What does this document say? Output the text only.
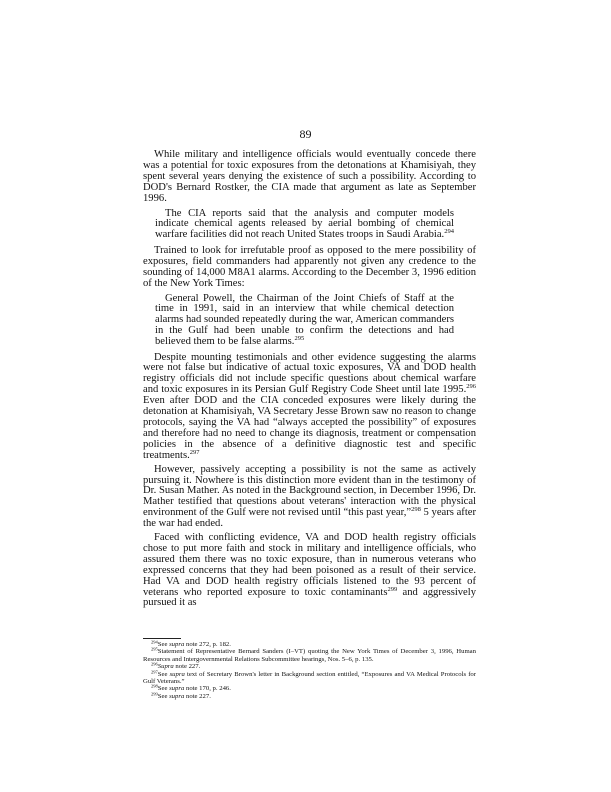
89

While military and intelligence officials would eventually concede there was a potential for toxic exposures from the detonations at Khamisiyah, they spent several years denying the existence of such a possibility. According to DOD's Bernard Rostker, the CIA made that argument as late as September 1996.

The CIA reports said that the analysis and computer models indicate chemical agents released by aerial bombing of chemical warfare facilities did not reach United States troops in Saudi Arabia.$^{294}$

Trained to look for irrefutable proof as opposed to the mere possibility of exposures, field commanders had apparently not given any credence to the sounding of 14,000 M8A1 alarms. According to the December 3, 1996 edition of the New York Times:

General Powell, the Chairman of the Joint Chiefs of Staff at the time in 1991, said in an interview that while chemical detection alarms had sounded repeatedly during the war, American commanders in the Gulf had been unable to confirm the detections and had believed them to be false alarms.$^{295}$

Despite mounting testimonials and other evidence suggesting the alarms were not false but indicative of actual toxic exposures, VA and DOD health registry officials did not include specific questions about chemical warfare and toxic exposures in its Persian Gulf Registry Code Sheet until late 1995.$^{296}$ Even after DOD and the CIA conceded exposures were likely during the detonation at Khamisiyah, VA Secretary Jesse Brown saw no reason to change protocols, saying the VA had “always accepted the possibility” of exposures and therefore had no need to change its diagnosis, treatment or compensation policies in the absence of a definitive diagnostic test and specific treatments.$^{297}$

However, passively accepting a possibility is not the same as actively pursuing it. Nowhere is this distinction more evident than in the testimony of Dr. Susan Mather. As noted in the Background section, in December 1996, Dr. Mather testified that questions about veterans' interaction with the physical environment of the Gulf were not revised until “this past year,”$^{298}$ 5 years after the war had ended.

Faced with conflicting evidence, VA and DOD health registry officials chose to put more faith and stock in military and intelligence officials, who assured them there was no toxic exposure, than in numerous veterans who expressed concerns that they had been poisoned as a result of their service. Had VA and DOD health registry officials listened to the 93 percent of veterans who reported exposure to toxic contaminants$^{299}$ and aggressively pursued it as

$^{294}$See supra note 272, p. 182.

$^{295}$Statement of Representative Bernard Sanders (I–VT) quoting the New York Times of December 3, 1996, Human Resources and Intergovernmental Relations Subcommittee hearings, Nos. 5–6, p. 135.

$^{296}$Supra note 227.

$^{297}$See supra text of Secretary Brown's letter in Background section entitled, “Exposures and VA Medical Protocols for Gulf Veterans.”

$^{298}$See supra note 170, p. 246.

$^{299}$See supra note 227.
